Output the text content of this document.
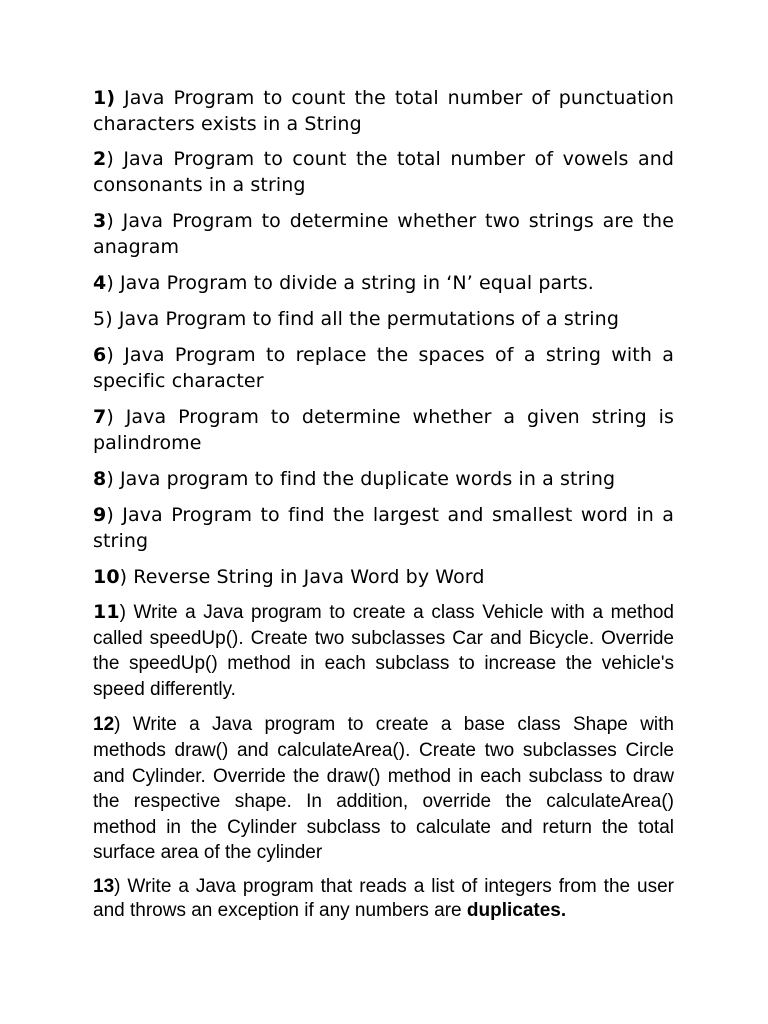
1) Java Program to count the total number of punctuation characters exists in a String

2) Java Program to count the total number of vowels and consonants in a string

3) Java Program to determine whether two strings are the anagram

4) Java Program to divide a string in ‘N’ equal parts.

5) Java Program to find all the permutations of a string

6) Java Program to replace the spaces of a string with a specific character

7) Java Program to determine whether a given string is palindrome

8) Java program to find the duplicate words in a string

9) Java Program to find the largest and smallest word in a string

10) Reverse String in Java Word by Word

11) Write a Java program to create a class Vehicle with a method called speedUp(). Create two subclasses Car and Bicycle. Override the speedUp() method in each subclass to increase the vehicle's speed differently.

12) Write a Java program to create a base class Shape with methods draw() and calculateArea(). Create two subclasses Circle and Cylinder. Override the draw() method in each subclass to draw the respective shape. In addition, override the calculateArea() method in the Cylinder subclass to calculate and return the total surface area of the cylinder

13) Write a Java program that reads a list of integers from the user and throws an exception if any numbers are duplicates.
